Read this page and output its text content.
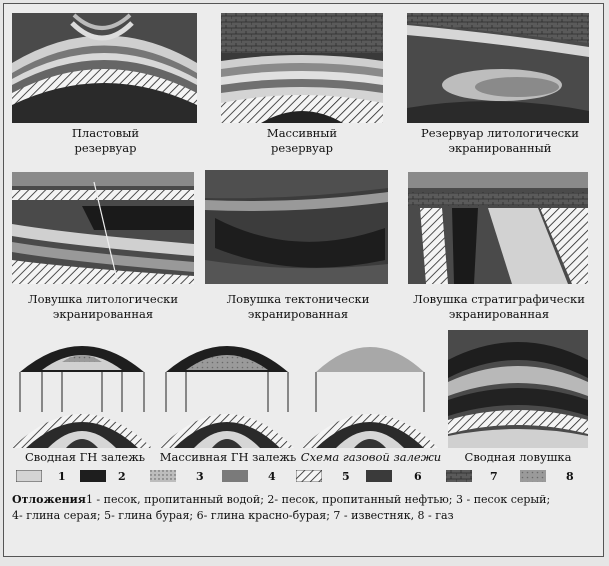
Пластовый
резервуар
Массивный
резервуар
Резервуар литологически
экранированный
Ловушка литологически
экранированная
Ловушка тектонически
экранированная
Ловушка стратиграфически
экранированная
Сводная ГН залежь	Массивная ГН залежь Схема газовой залежи	Сводная ловушка
1	2	3	4	5	6	7	8
Отложения1 - песок, пропитанный водой; 2- песок, пропитанный нефтью; 3 - песок серый;
4- глина серая; 5- глина бурая; 6- глина красно-бурая; 7 - известняк, 8 - газ
